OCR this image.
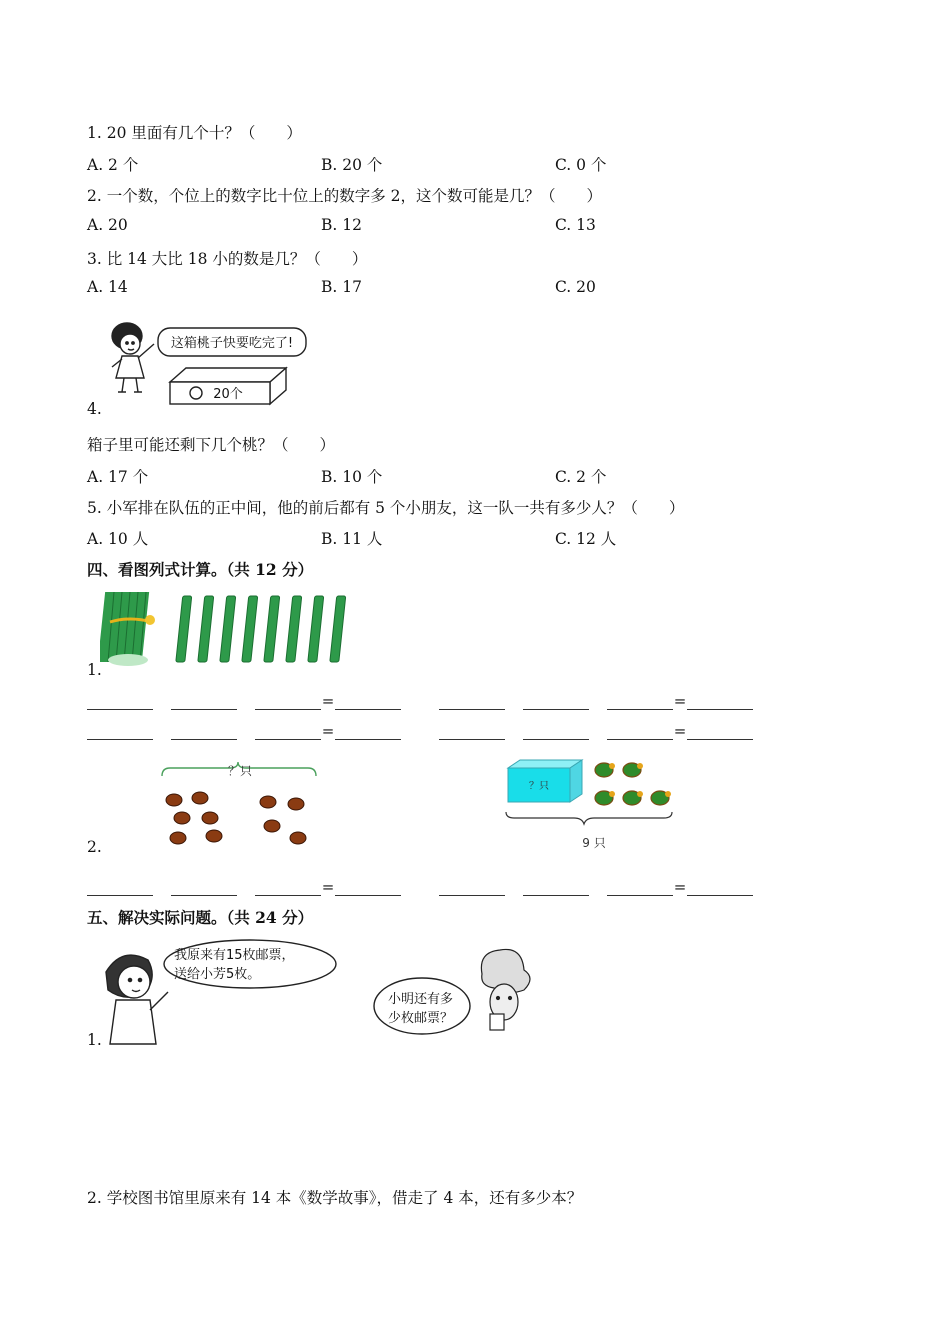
1. 20 里面有几个十？（　　）
A. 2 个	B. 20 个	C. 0 个
2. 一个数，个位上的数字比十位上的数字多 2，这个数可能是几？（　　）
A. 20	B. 12	C. 13
3. 比 14 大比 18 小的数是几？（　　）
A. 14	B. 17	C. 20
这箱桃子快要吃完了!
20个
4.
箱子里可能还剩下几个桃？（　　）
A. 17 个	B. 10 个	C. 2 个
5. 小军排在队伍的正中间，他的前后都有 5 个小朋友，这一队一共有多少人？（　　）
A. 10 人	B. 11 人	C. 12 人
四、看图列式计算。（共 12 分）
1.
=	=
=	=
？只
？只
9 只
2.
=	=
五、解决实际问题。（共 24 分）
我原来有15枚邮票，
送给小芳5枚。
1.
小明还有多
少枚邮票？
2. 学校图书馆里原来有 14 本《数学故事》，借走了 4 本，还有多少本？
